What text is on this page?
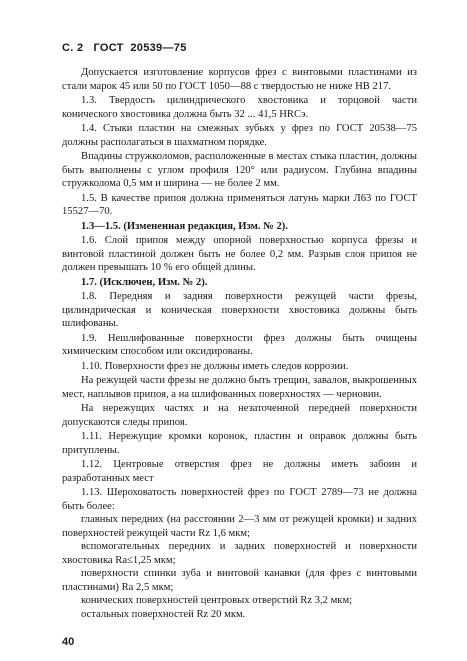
С. 2   ГОСТ  20539—75

Допускается изготовление корпусов фрез с винтовыми пластинами из стали марок 45 или 50 по ГОСТ 1050—88 с твердостью не ниже НВ 217.

1.3. Твердость цилиндрического хвостовика и торцовой части конического хвостовика должна быть 32 ... 41,5 HRCэ.

1.4. Стыки пластин на смежных зубьях у фрез по ГОСТ 20538—75 должны располагаться в шахматном порядке.

Впадины стружколомов, расположенные в местах стыка пластин, должны быть выполнены с углом профиля 120° или радиусом. Глубина впадины стружколома 0,5 мм и ширина — не более 2 мм.

1.5. В качестве припоя должна применяться латунь марки Л63 по ГОСТ 15527—70.

1.3—1.5. (Измененная редакция, Изм. № 2).

1.6. Слой припоя между опорной поверхностью корпуса фрезы и винтовой пластиной должен быть не более 0,2 мм. Разрыв слоя припоя не должен превышать 10 % его общей длины.

1.7. (Исключен, Изм. № 2).

1.8. Передняя и задняя поверхности режущей части фрезы, цилиндрическая и коническая поверхности хвостовика должны быть шлифованы.

1.9. Нешлифованные поверхности фрез должны быть очищены химическим способом или оксидированы.

1.10. Поверхности фрез не должны иметь следов коррозии.

На режущей части фрезы не должно быть трещин, завалов, выкрошенных мест, наплывов припоя, а на шлифованных поверхностях — черновин.

На нережущих частях и на незаточенной передней поверхности допускаются следы припоя.

1.11. Нережущие кромки коронок, пластин и оправок должны быть притуплены.

1.12. Центровые отверстия фрез не должны иметь забоин и разработанных мест

1.13. Шероховатость поверхностей фрез по ГОСТ 2789—73 не должна быть более:

главных передних (на расстоянии 2—3 мм от режущей кромки) и задних поверхностей режущей части Rz 1,6 мкм;

вспомогательных передних и задних поверхностей и поверхности хвостовика Ra≤1,25 мкм;

поверхности спинки зуба и винтовой канавки (для фрез с винтовыми пластинами) Ra 2,5 мкм;

конических поверхностей центровых отверстий Rz 3,2 мкм;

остальных поверхностей Rz 20 мкм.

40
